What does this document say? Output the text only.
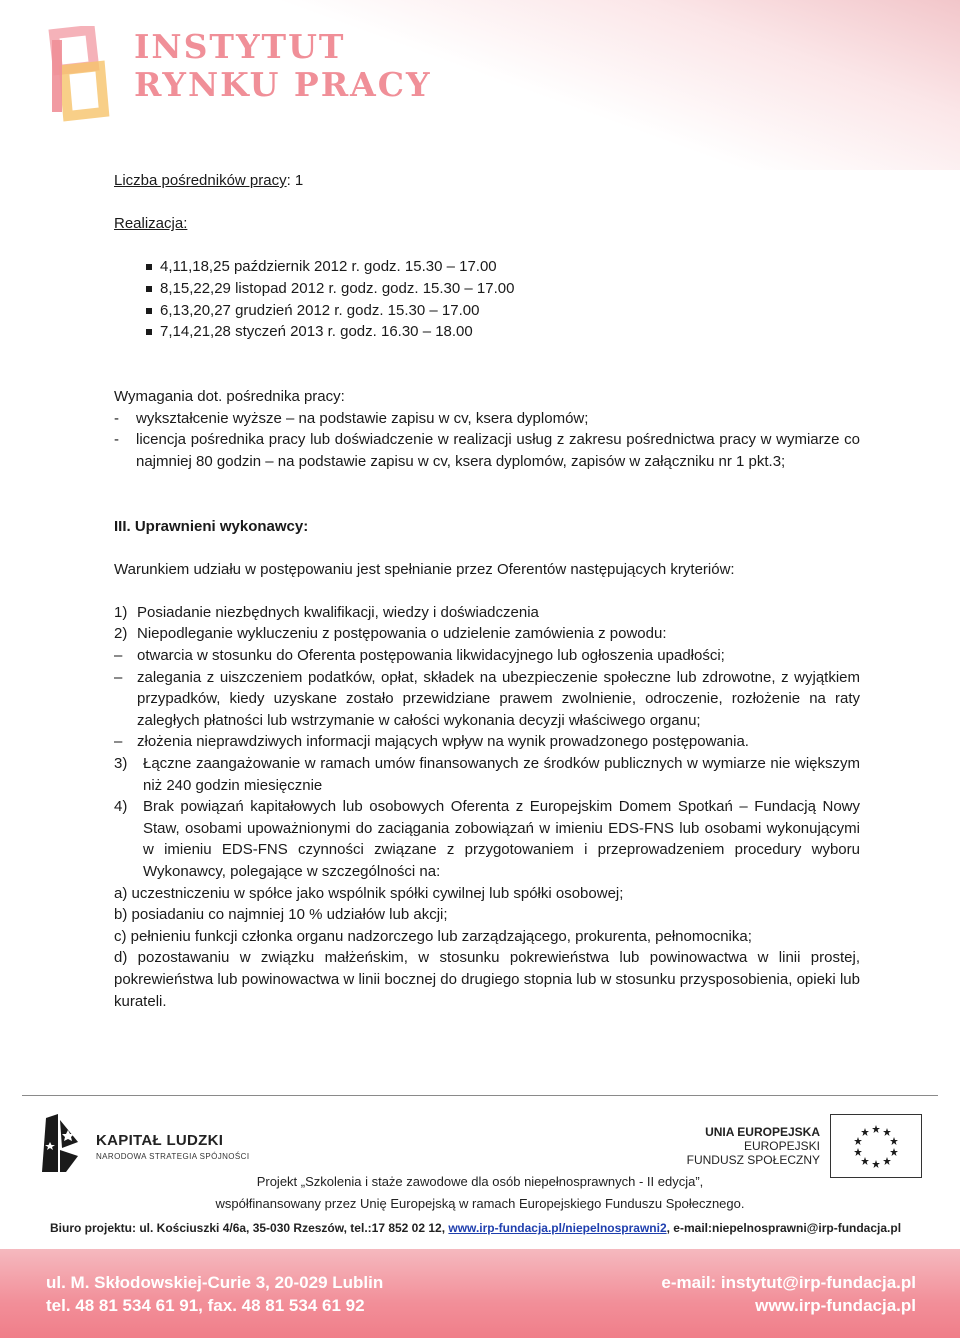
INSTYTUT
RYNKU PRACY

Liczba pośredników pracy: 1

Realizacja:

4,11,18,25 październik 2012 r. godz. 15.30 – 17.00
8,15,22,29 listopad 2012 r. godz. godz. 15.30 – 17.00
6,13,20,27 grudzień 2012 r. godz. 15.30 – 17.00
7,14,21,28 styczeń 2013 r. godz. 16.30 – 18.00

Wymagania dot. pośrednika pracy:

- wykształcenie wyższe – na podstawie zapisu w cv, ksera dyplomów;
- licencja pośrednika pracy lub doświadczenie w realizacji usług z zakresu pośrednictwa pracy w wymiarze co najmniej 80 godzin – na podstawie zapisu w cv, ksera dyplomów, zapisów w załączniku nr 1 pkt.3;

III. Uprawnieni wykonawcy:

Warunkiem udziału w postępowaniu jest spełnianie przez Oferentów następujących kryteriów:

1) Posiadanie niezbędnych kwalifikacji, wiedzy i doświadczenia
2) Niepodleganie wykluczeniu z postępowania o udzielenie zamówienia z powodu:
– otwarcia w stosunku do Oferenta postępowania likwidacyjnego lub ogłoszenia upadłości;
– zalegania z uiszczeniem podatków, opłat, składek na ubezpieczenie społeczne lub zdrowotne, z wyjątkiem przypadków, kiedy uzyskane zostało przewidziane prawem zwolnienie, odroczenie, rozłożenie na raty zaległych płatności lub wstrzymanie w całości wykonania decyzji właściwego organu;
– złożenia nieprawdziwych informacji mających wpływ na wynik prowadzonego postępowania.
3) Łączne zaangażowanie w ramach umów finansowanych ze środków publicznych w wymiarze nie większym niż 240 godzin miesięcznie
4) Brak powiązań kapitałowych lub osobowych Oferenta z Europejskim Domem Spotkań – Fundacją Nowy Staw, osobami upoważnionymi do zaciągania zobowiązań w imieniu EDS-FNS lub osobami wykonującymi w imieniu EDS-FNS czynności związane z przygotowaniem i przeprowadzeniem procedury wyboru Wykonawcy, polegające w szczególności na:

a) uczestniczeniu w spółce jako wspólnik spółki cywilnej lub spółki osobowej;

b) posiadaniu co najmniej 10 % udziałów lub akcji;

c) pełnieniu funkcji członka organu nadzorczego lub zarządzającego, prokurenta, pełnomocnika;

d) pozostawaniu w związku małżeńskim, w stosunku pokrewieństwa lub powinowactwa w linii prostej, pokrewieństwa lub powinowactwa w linii bocznej do drugiego stopnia lub w stosunku przysposobienia, opieki lub kurateli.

KAPITAŁ LUDZKI
NARODOWA STRATEGIA SPÓJNOŚCI
UNIA EUROPEJSKA
EUROPEJSKI
FUNDUSZ SPOŁECZNY
Projekt „Szkolenia i staże zawodowe dla osób niepełnosprawnych - II edycja”,
współfinansowany przez Unię Europejską w ramach Europejskiego Funduszu Społecznego.
Biuro projektu: ul. Kościuszki 4/6a, 35-030 Rzeszów, tel.:17 852 02 12, www.irp-fundacja.pl/niepelnosprawni2, e-mail:niepelnosprawni@irp-fundacja.pl
ul. M. Skłodowskiej-Curie 3, 20-029 Lublin
tel. 48 81 534 61 91, fax. 48 81 534 61 92
e-mail: instytut@irp-fundacja.pl
www.irp-fundacja.pl
